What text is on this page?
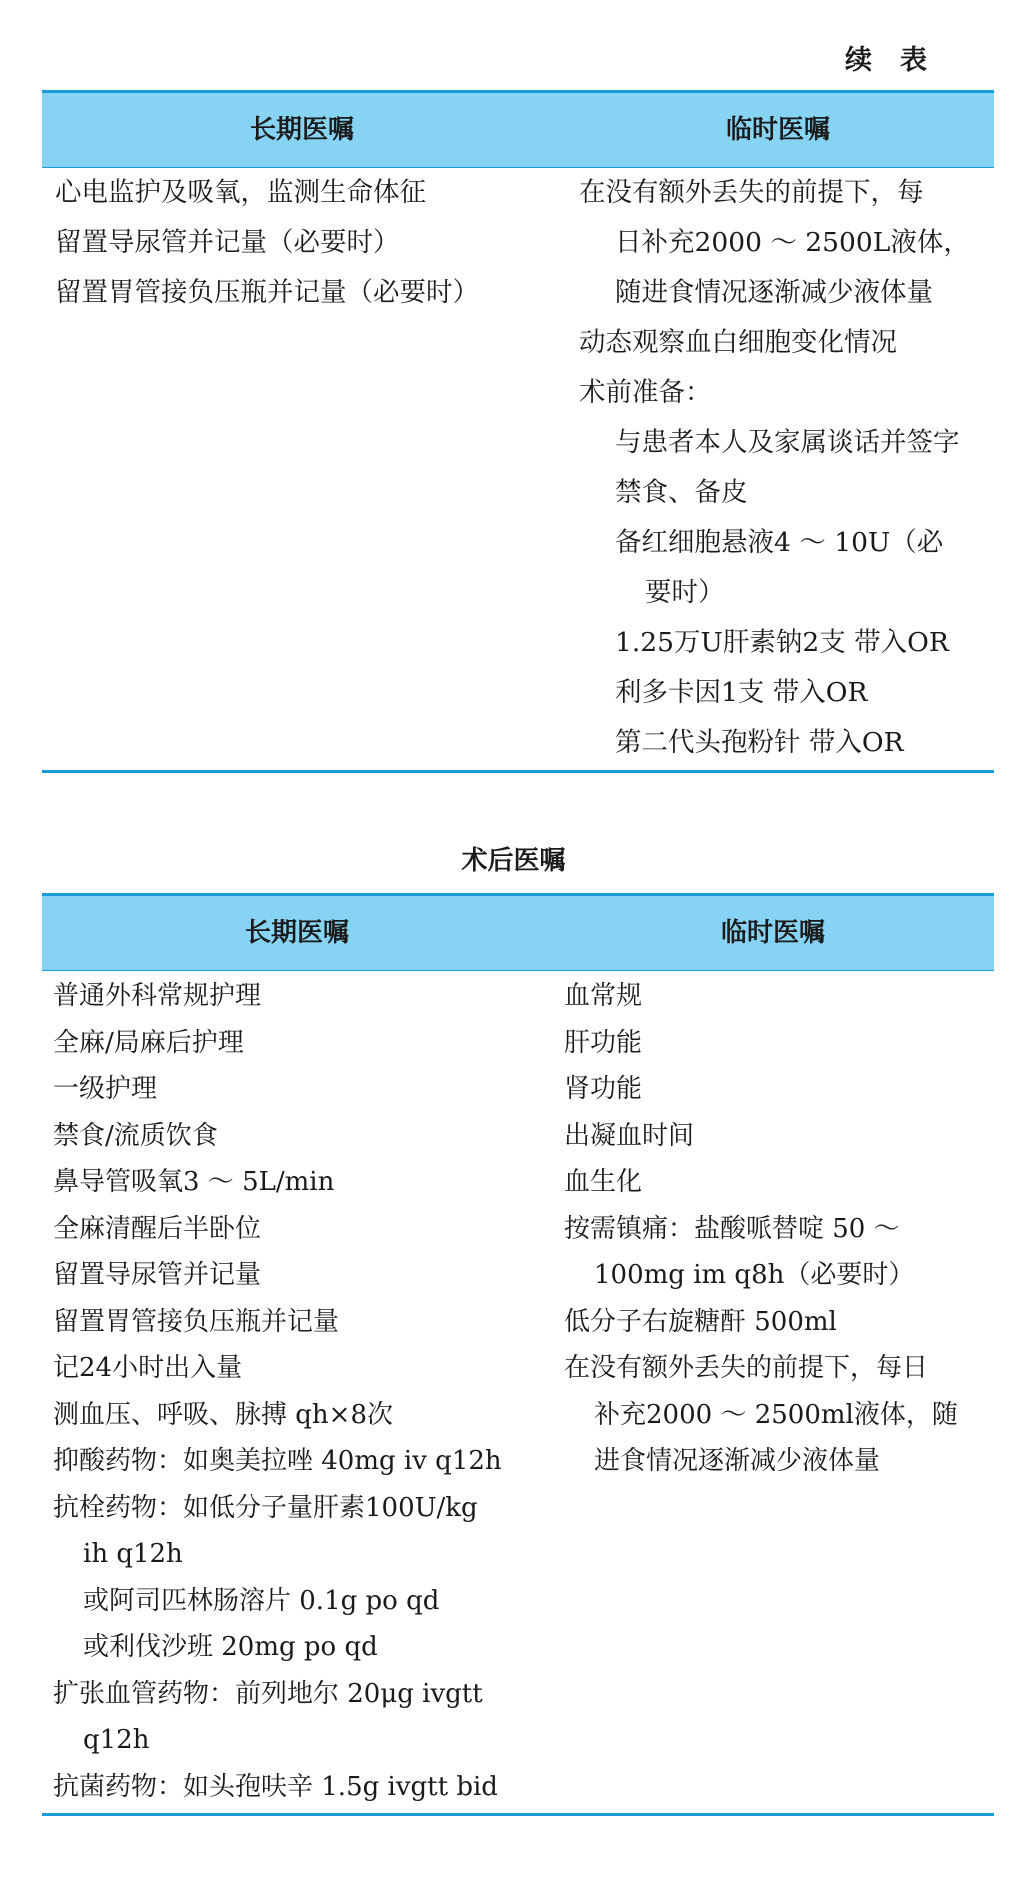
续 表
长期医嘱	临时医嘱
心电监护及吸氧，监测生命体征
留置导尿管并记量（必要时）
留置胃管接负压瓶并记量（必要时）
在没有额外丢失的前提下，每
日补充2000 ～ 2500L液体，
随进食情况逐渐减少液体量
动态观察血白细胞变化情况
术前准备：
与患者本人及家属谈话并签字
禁食、备皮
备红细胞悬液4 ～ 10U（必
要时）
1.25万U肝素钠2支 带入OR
利多卡因1支 带入OR
第二代头孢粉针 带入OR
术后医嘱
长期医嘱	临时医嘱
普通外科常规护理
全麻/局麻后护理
一级护理
禁食/流质饮食
鼻导管吸氧3 ～ 5L/min
全麻清醒后半卧位
留置导尿管并记量
留置胃管接负压瓶并记量
记24小时出入量
测血压、呼吸、脉搏 qh×8次
抑酸药物：如奥美拉唑 40mg iv q12h
抗栓药物：如低分子量肝素100U/kg
ih q12h
或阿司匹林肠溶片 0.1g po qd
或利伐沙班 20mg po qd
扩张血管药物：前列地尔 20μg ivgtt
q12h
抗菌药物：如头孢呋辛 1.5g ivgtt bid
血常规
肝功能
肾功能
出凝血时间
血生化
按需镇痛：盐酸哌替啶 50 ～
100mg im q8h（必要时）
低分子右旋糖酐 500ml
在没有额外丢失的前提下，每日
补充2000 ～ 2500ml液体，随
进食情况逐渐减少液体量
